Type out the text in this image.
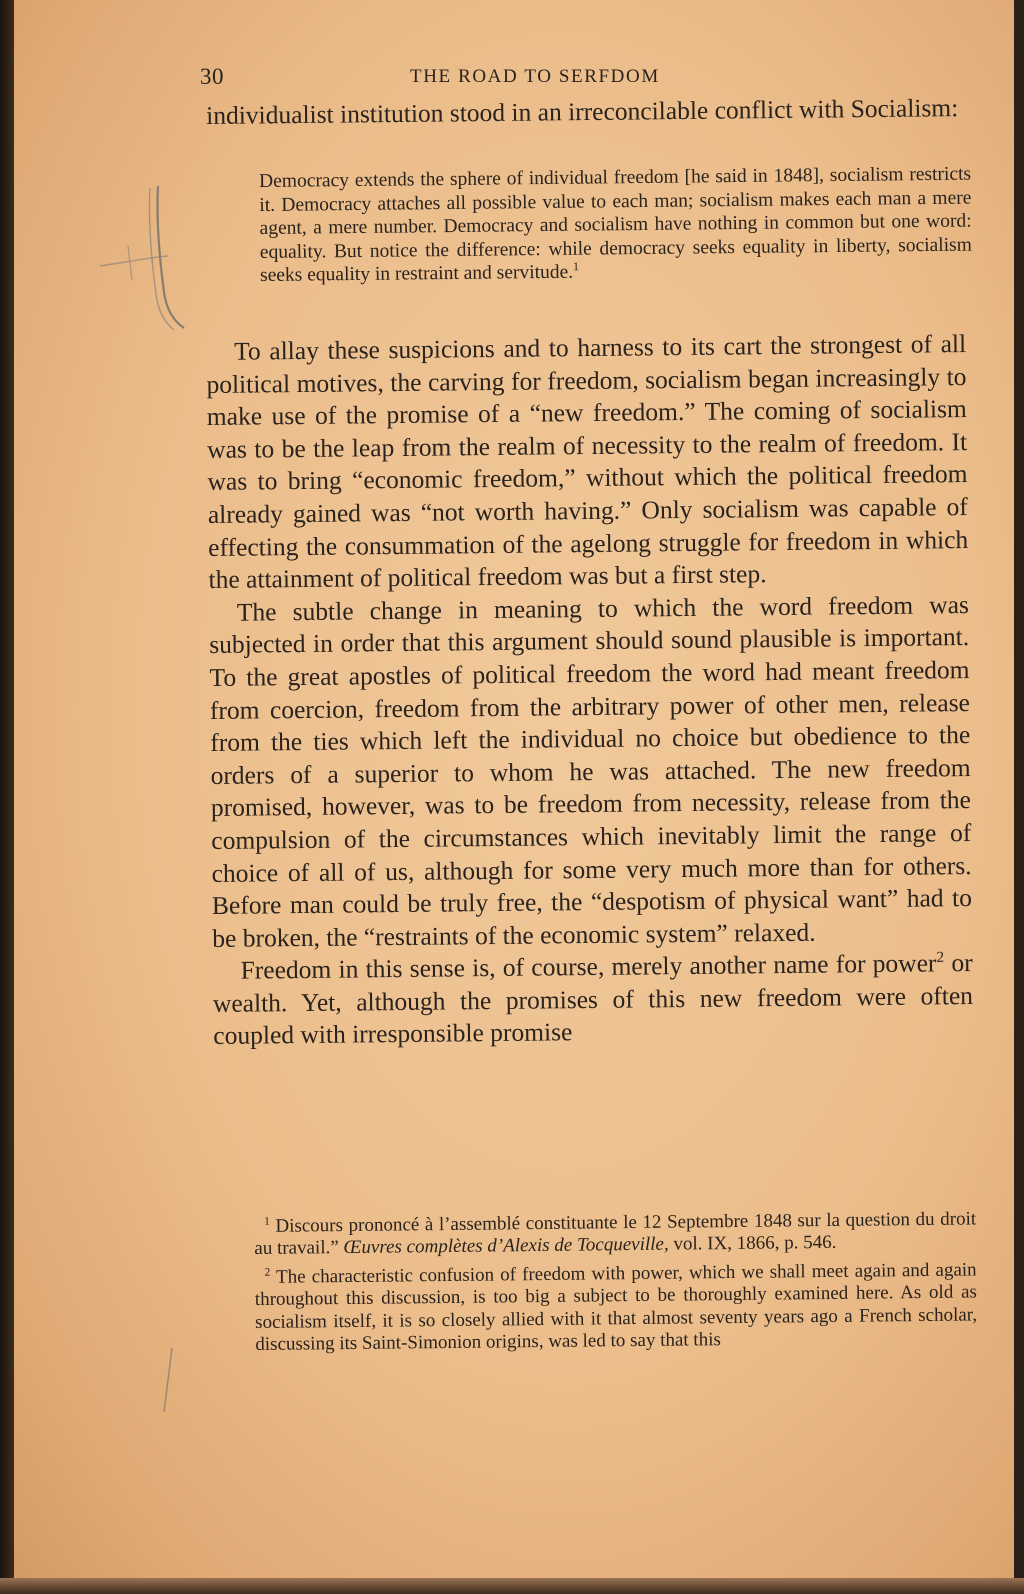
30	THE ROAD TO SERFDOM

individualist institution stood in an irreconcilable conflict with Socialism:

Democracy extends the sphere of individual freedom [he said in 1848], socialism restricts it. Democracy attaches all possible value to each man; socialism makes each man a mere agent, a mere number. Democracy and socialism have nothing in common but one word: equality. But notice the difference: while democracy seeks equality in liberty, socialism seeks equality in restraint and servitude.$^1$

To allay these suspicions and to harness to its cart the strongest of all political motives, the carving for freedom, socialism began increasingly to make use of the promise of a “new freedom.” The coming of socialism was to be the leap from the realm of necessity to the realm of freedom. It was to bring “economic freedom,” without which the political freedom already gained was “not worth having.” Only socialism was capable of effecting the consummation of the agelong struggle for freedom in which the attainment of political freedom was but a first step.

The subtle change in meaning to which the word freedom was subjected in order that this argument should sound plausible is important. To the great apostles of political freedom the word had meant freedom from coercion, freedom from the arbitrary power of other men, release from the ties which left the individual no choice but obedience to the orders of a superior to whom he was attached. The new freedom promised, however, was to be freedom from necessity, release from the compulsion of the circumstances which inevitably limit the range of choice of all of us, although for some very much more than for others. Before man could be truly free, the “despotism of physical want” had to be broken, the “restraints of the economic system” relaxed.

Freedom in this sense is, of course, merely another name for power$^2$ or wealth. Yet, although the promises of this new freedom were often coupled with irresponsible promise

$^1$ Discours prononcé à l’assemblé constituante le 12 Septembre 1848 sur la question du droit au travail.” Œuvres complètes d’Alexis de Tocqueville, vol. IX, 1866, p. 546.

$^2$ The characteristic confusion of freedom with power, which we shall meet again and again throughout this discussion, is too big a subject to be thoroughly examined here. As old as socialism itself, it is so closely allied with it that almost seventy years ago a French scholar, discussing its Saint-Simonion origins, was led to say that this
